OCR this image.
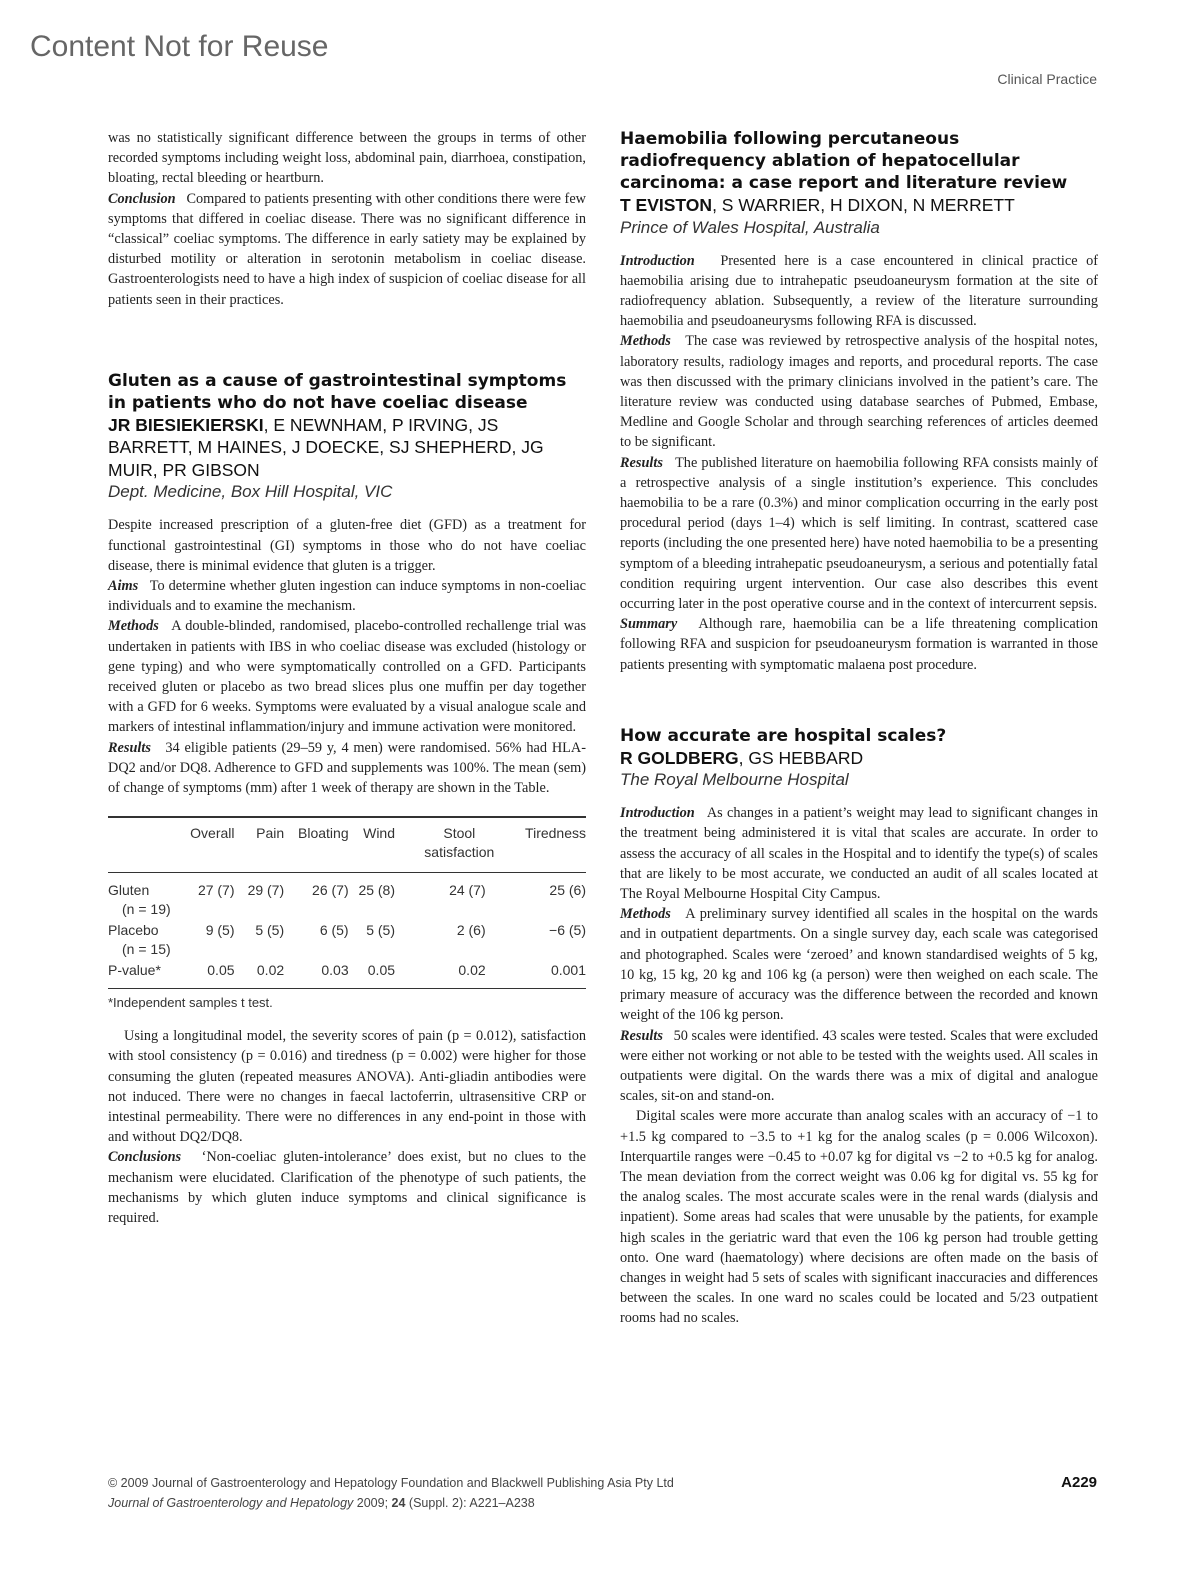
Content Not for Reuse
Clinical Practice

was no statistically significant difference between the groups in terms of other recorded symptoms including weight loss, abdominal pain, diarrhoea, constipation, bloating, rectal bleeding or heartburn.

Conclusion Compared to patients presenting with other conditions there were few symptoms that differed in coeliac disease. There was no significant difference in “classical” coeliac symptoms. The difference in early satiety may be explained by disturbed motility or alteration in serotonin metabolism in coeliac disease. Gastroenterologists need to have a high index of suspicion of coeliac disease for all patients seen in their practices.

Gluten as a cause of gastrointestinal symptoms in patients who do not have coeliac disease
JR BIESIEKIERSKI, E NEWNHAM, P IRVING, JS BARRETT, M HAINES, J DOECKE, SJ SHEPHERD, JG MUIR, PR GIBSON
Dept. Medicine, Box Hill Hospital, VIC

Despite increased prescription of a gluten-free diet (GFD) as a treatment for functional gastrointestinal (GI) symptoms in those who do not have coeliac disease, there is minimal evidence that gluten is a trigger.

Aims To determine whether gluten ingestion can induce symptoms in non-coeliac individuals and to examine the mechanism.

Methods A double-blinded, randomised, placebo-controlled rechallenge trial was undertaken in patients with IBS in who coeliac disease was excluded (histology or gene typing) and who were symptomatically controlled on a GFD. Participants received gluten or placebo as two bread slices plus one muffin per day together with a GFD for 6 weeks. Symptoms were evaluated by a visual analogue scale and markers of intestinal inflammation/injury and immune activation were monitored.

Results 34 eligible patients (29–59 y, 4 men) were randomised. 56% had HLA-DQ2 and/or DQ8. Adherence to GFD and supplements was 100%. The mean (sem) of change of symptoms (mm) after 1 week of therapy are shown in the Table.

	Overall	Pain	Bloating	Wind	Stool satisfaction	Tiredness
Gluten
(n = 19)	27 (7)	29 (7)	26 (7)	25 (8)	24 (7)	25 (6)
Placebo
(n = 15)	9 (5)	5 (5)	6 (5)	5 (5)	2 (6)	−6 (5)
P-value*	0.05	0.02	0.03	0.05	0.02	0.001
*Independent samples t test.

Using a longitudinal model, the severity scores of pain (p = 0.012), satisfaction with stool consistency (p = 0.016) and tiredness (p = 0.002) were higher for those consuming the gluten (repeated measures ANOVA). Anti-gliadin antibodies were not induced. There were no changes in faecal lactoferrin, ultrasensitive CRP or intestinal permeability. There were no differences in any end-point in those with and without DQ2/DQ8.

Conclusions ‘Non-coeliac gluten-intolerance’ does exist, but no clues to the mechanism were elucidated. Clarification of the phenotype of such patients, the mechanisms by which gluten induce symptoms and clinical significance is required.

Haemobilia following percutaneous radiofrequency ablation of hepatocellular carcinoma: a case report and literature review
T EVISTON, S WARRIER, H DIXON, N MERRETT
Prince of Wales Hospital, Australia

Introduction Presented here is a case encountered in clinical practice of haemobilia arising due to intrahepatic pseudoaneurysm formation at the site of radiofrequency ablation. Subsequently, a review of the literature surrounding haemobilia and pseudoaneurysms following RFA is discussed.

Methods The case was reviewed by retrospective analysis of the hospital notes, laboratory results, radiology images and reports, and procedural reports. The case was then discussed with the primary clinicians involved in the patient’s care. The literature review was conducted using database searches of Pubmed, Embase, Medline and Google Scholar and through searching references of articles deemed to be significant.

Results The published literature on haemobilia following RFA consists mainly of a retrospective analysis of a single institution’s experience. This concludes haemobilia to be a rare (0.3%) and minor complication occurring in the early post procedural period (days 1–4) which is self limiting. In contrast, scattered case reports (including the one presented here) have noted haemobilia to be a presenting symptom of a bleeding intrahepatic pseudoaneurysm, a serious and potentially fatal condition requiring urgent intervention. Our case also describes this event occurring later in the post operative course and in the context of intercurrent sepsis.

Summary Although rare, haemobilia can be a life threatening complication following RFA and suspicion for pseudoaneurysm formation is warranted in those patients presenting with symptomatic malaena post procedure.

How accurate are hospital scales?
R GOLDBERG, GS HEBBARD
The Royal Melbourne Hospital

Introduction As changes in a patient’s weight may lead to significant changes in the treatment being administered it is vital that scales are accurate. In order to assess the accuracy of all scales in the Hospital and to identify the type(s) of scales that are likely to be most accurate, we conducted an audit of all scales located at The Royal Melbourne Hospital City Campus.

Methods A preliminary survey identified all scales in the hospital on the wards and in outpatient departments. On a single survey day, each scale was categorised and photographed. Scales were ‘zeroed’ and known standardised weights of 5 kg, 10 kg, 15 kg, 20 kg and 106 kg (a person) were then weighed on each scale. The primary measure of accuracy was the difference between the recorded and known weight of the 106 kg person.

Results 50 scales were identified. 43 scales were tested. Scales that were excluded were either not working or not able to be tested with the weights used. All scales in outpatients were digital. On the wards there was a mix of digital and analogue scales, sit-on and stand-on.

Digital scales were more accurate than analog scales with an accuracy of −1 to +1.5 kg compared to −3.5 to +1 kg for the analog scales (p = 0.006 Wilcoxon). Interquartile ranges were −0.45 to +0.07 kg for digital vs −2 to +0.5 kg for analog. The mean deviation from the correct weight was 0.06 kg for digital vs. 55 kg for the analog scales. The most accurate scales were in the renal wards (dialysis and inpatient). Some areas had scales that were unusable by the patients, for example high scales in the geriatric ward that even the 106 kg person had trouble getting onto. One ward (haematology) where decisions are often made on the basis of changes in weight had 5 sets of scales with significant inaccuracies and differences between the scales. In one ward no scales could be located and 5/23 outpatient rooms had no scales.

© 2009 Journal of Gastroenterology and Hepatology Foundation and Blackwell Publishing Asia Pty Ltd
Journal of Gastroenterology and Hepatology 2009; 24 (Suppl. 2): A221–A238
A229
